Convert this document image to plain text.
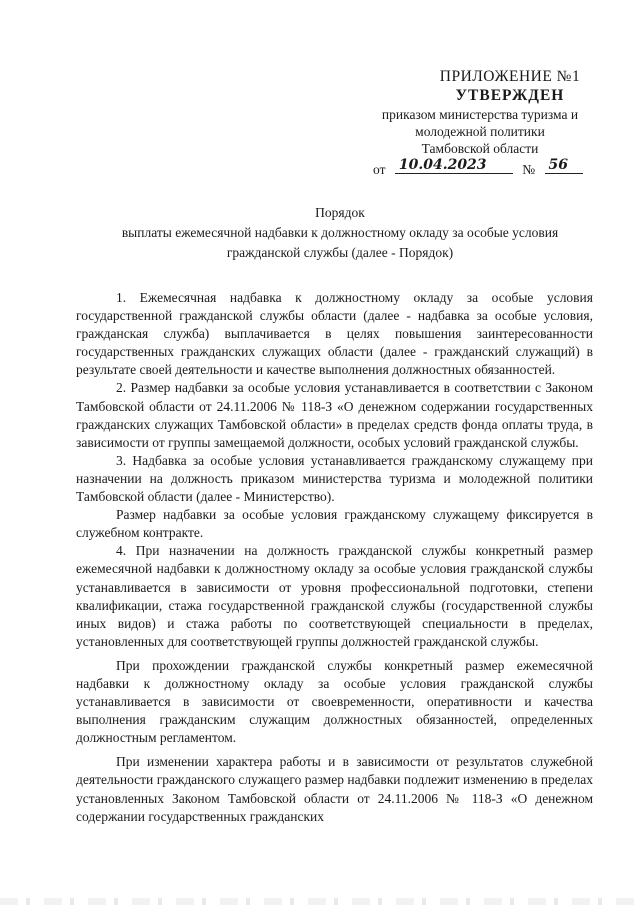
ПРИЛОЖЕНИЕ №1
УТВЕРЖДЕН
приказом министерства туризма и
молодежной политики
Тамбовской области
от 10.04.2023	№ 56
Порядок
выплаты ежемесячной надбавки к должностному окладу за особые условия
гражданской службы (далее - Порядок)

1. Ежемесячная надбавка к должностному окладу за особые условия государственной гражданской службы области (далее - надбавка за особые условия, гражданская служба) выплачивается в целях повышения заинтересованности государственных гражданских служащих области (далее - гражданский служащий) в результате своей деятельности и качестве выполнения должностных обязанностей.

2. Размер надбавки за особые условия устанавливается в соответствии с Законом Тамбовской области от 24.11.2006 № 118-З «О денежном содержании государственных гражданских служащих Тамбовской области» в пределах средств фонда оплаты труда, в зависимости от группы замещаемой должности, особых условий гражданской службы.

3. Надбавка за особые условия устанавливается гражданскому служащему при назначении на должность приказом министерства туризма и молодежной политики Тамбовской области (далее - Министерство).

Размер надбавки за особые условия гражданскому служащему фиксируется в служебном контракте.

4. При назначении на должность гражданской службы конкретный размер ежемесячной надбавки к должностному окладу за особые условия гражданской службы устанавливается в зависимости от уровня профессиональной подготовки, степени квалификации, стажа государственной гражданской службы (государственной службы иных видов) и стажа работы по соответствующей специальности в пределах, установленных для соответствующей группы должностей гражданской службы.

При прохождении гражданской службы конкретный размер ежемесячной надбавки к должностному окладу за особые условия гражданской службы устанавливается в зависимости от своевременности, оперативности и качества выполнения гражданским служащим должностных обязанностей, определенных должностным регламентом.

При изменении характера работы и в зависимости от результатов служебной деятельности гражданского служащего размер надбавки подлежит изменению в пределах установленных Законом Тамбовской области от 24.11.2006 № 118-З «О денежном содержании государственных гражданских
